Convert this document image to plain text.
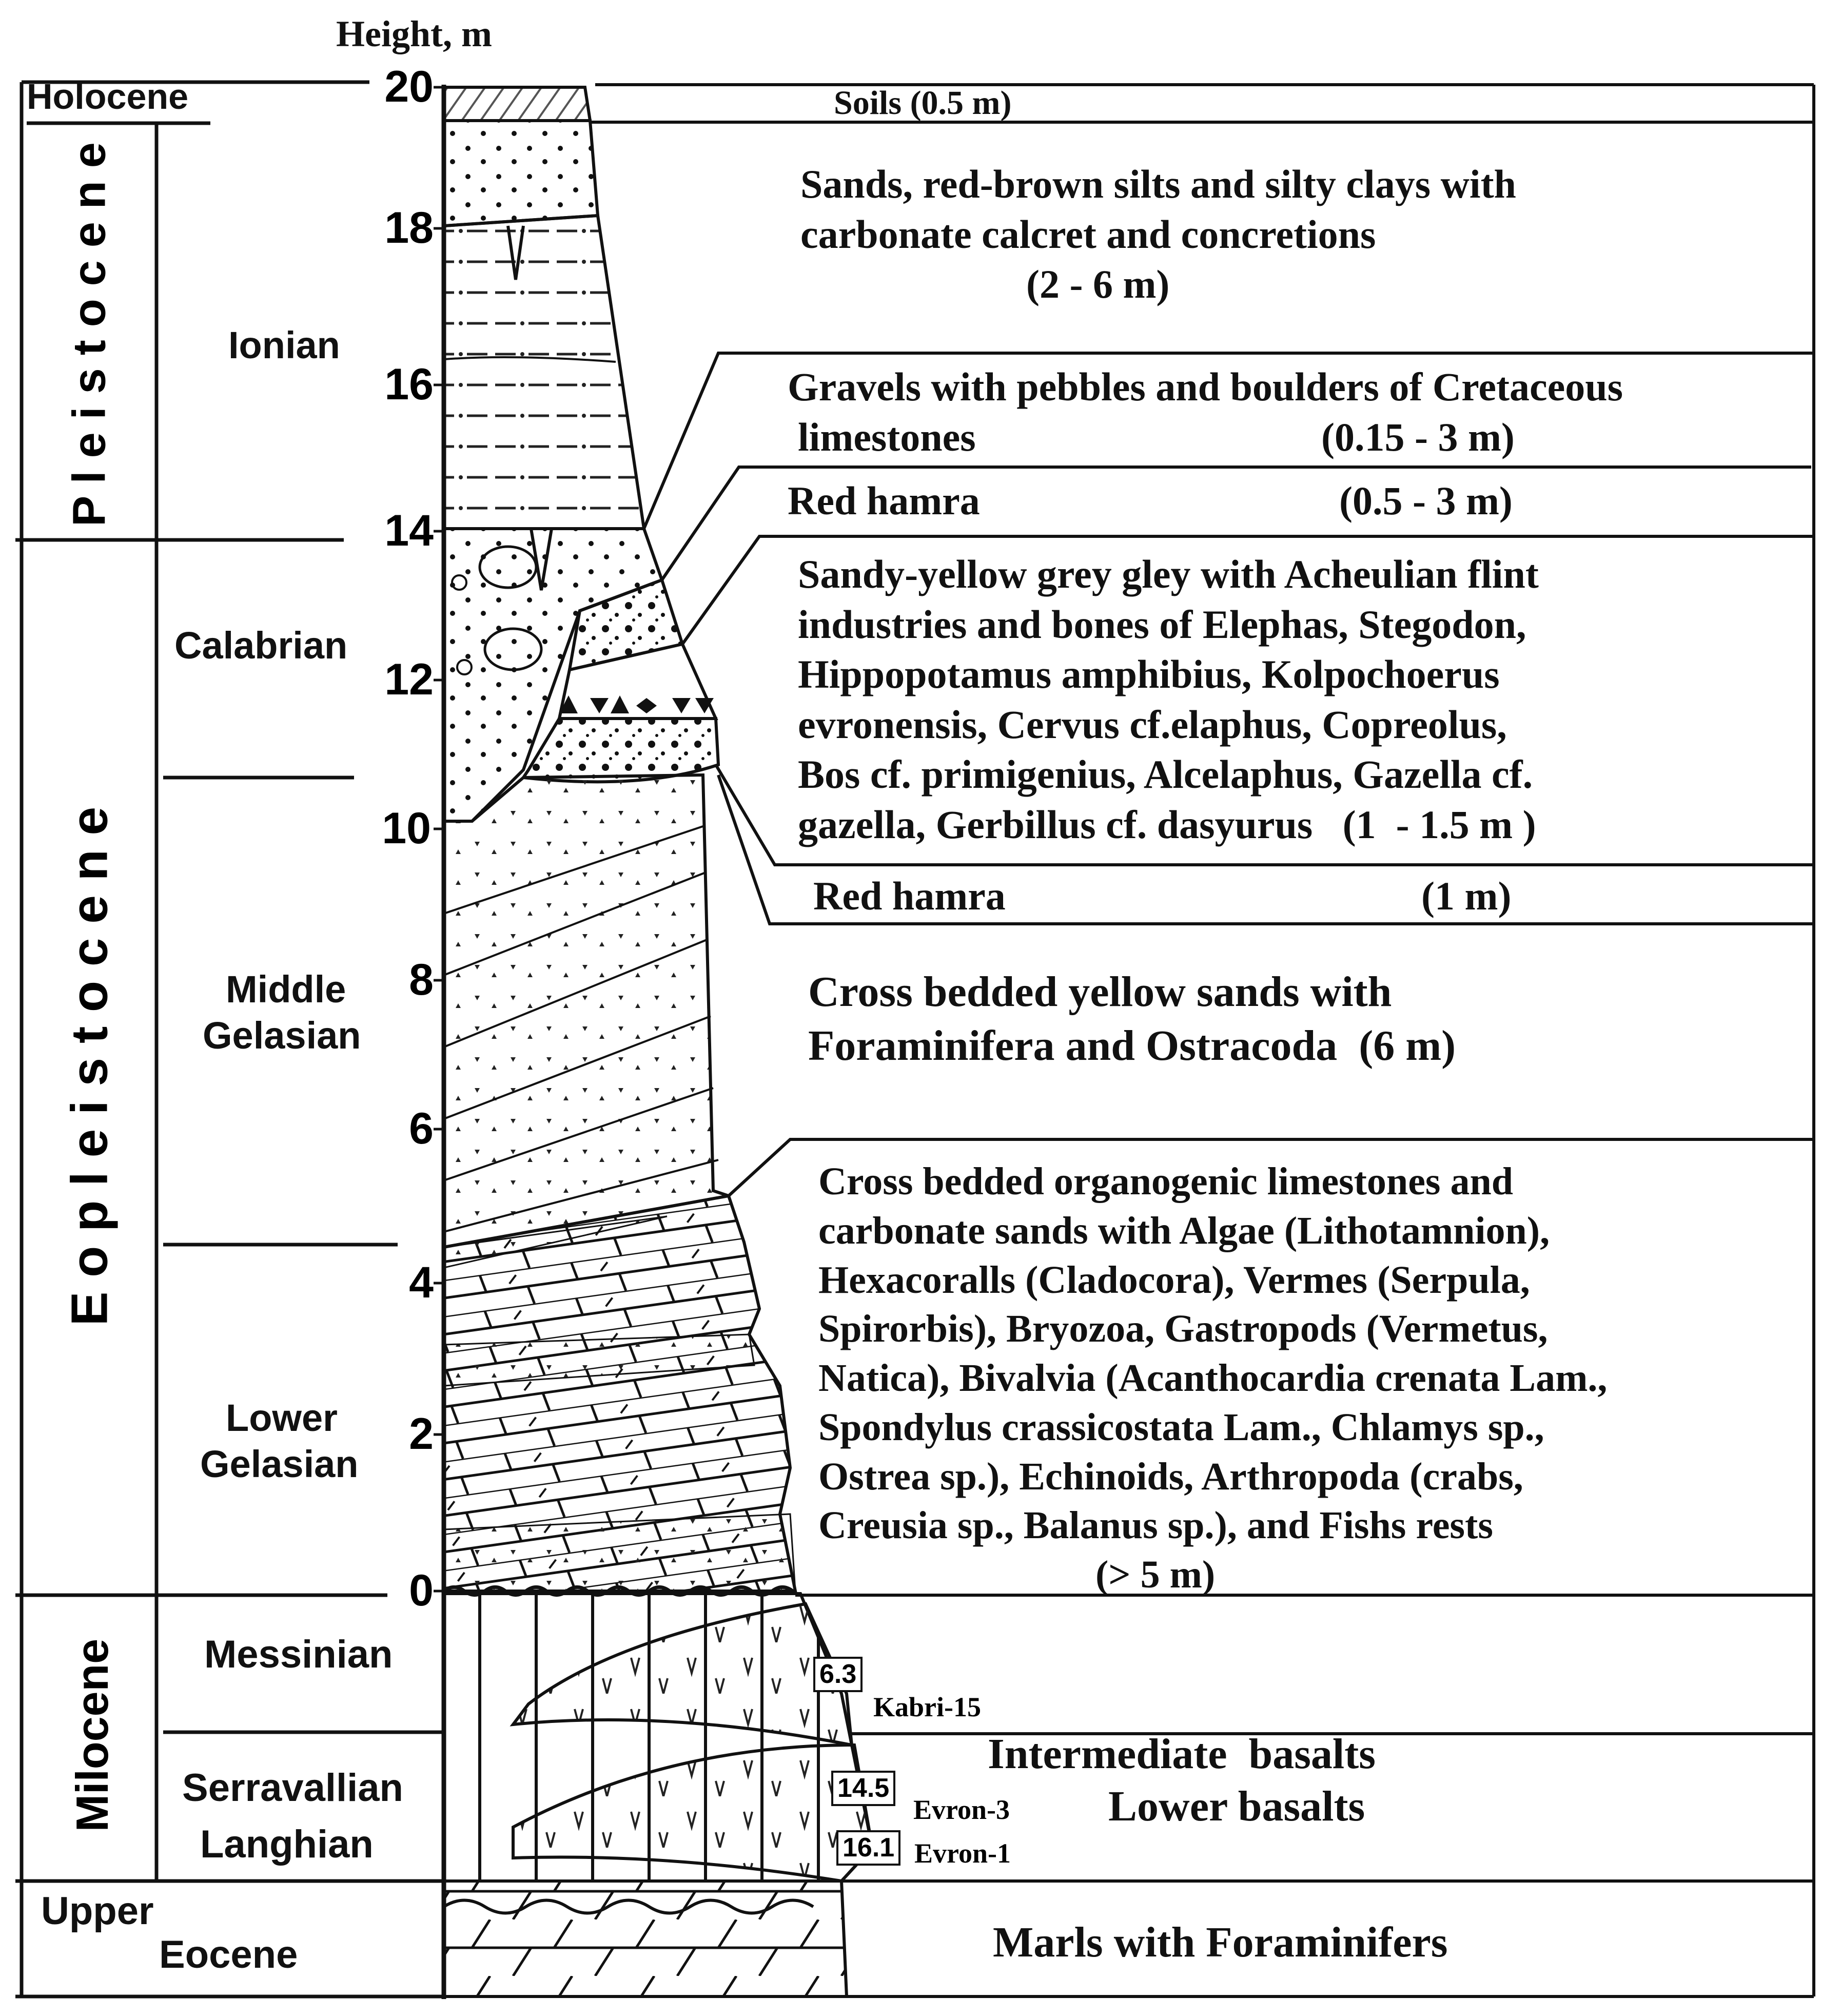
Height, m
20
18
16
14
12
10
8
6
4
2
0
Holocene
P l e i s t o c e n e
E o p l e i s t o c e n e
Milocene
Upper
Eocene
Ionian
Calabrian
Middle
Gelasian
Lower
Gelasian
Messinian
Serravallian
Langhian
Soils (0.5 m)
Sands, red-brown silts and silty clays with
carbonate calcret and concretions
(2 - 6 m)
Gravels with pebbles and boulders of Cretaceous
limestones	(0.15 - 3 m)
Red hamra	(0.5 - 3 m)
Sandy-yellow grey gley with Acheulian flint
industries and bones of Elephas, Stegodon,
Hippopotamus amphibius, Kolpochoerus
evronensis, Cervus cf.elaphus, Copreolus,
Bos cf. primigenius, Alcelaphus, Gazella cf.
gazella, Gerbillus cf. dasyurus   (1  - 1.5 m )
Red hamra	(1 m)
Cross bedded yellow sands with
Foraminifera and Ostracoda  (6 m)
Cross bedded organogenic limestones and
carbonate sands with Algae (Lithotamnion),
Hexacoralls (Cladocora), Vermes (Serpula,
Spirorbis), Bryozoa, Gastropods (Vermetus,
Natica), Bivalvia (Acanthocardia crenata Lam.,
Spondylus crassicostata Lam., Chlamys sp.,
Ostrea sp.), Echinoids, Arthropoda (crabs,
Creusia sp., Balanus sp.), and Fishs rests
(> 5 m)

Intermediate  basalts

Lower basalts
Marls with Foraminifers
6.3
Kabri-15
14.5
Evron-3
16.1 Evron-1
